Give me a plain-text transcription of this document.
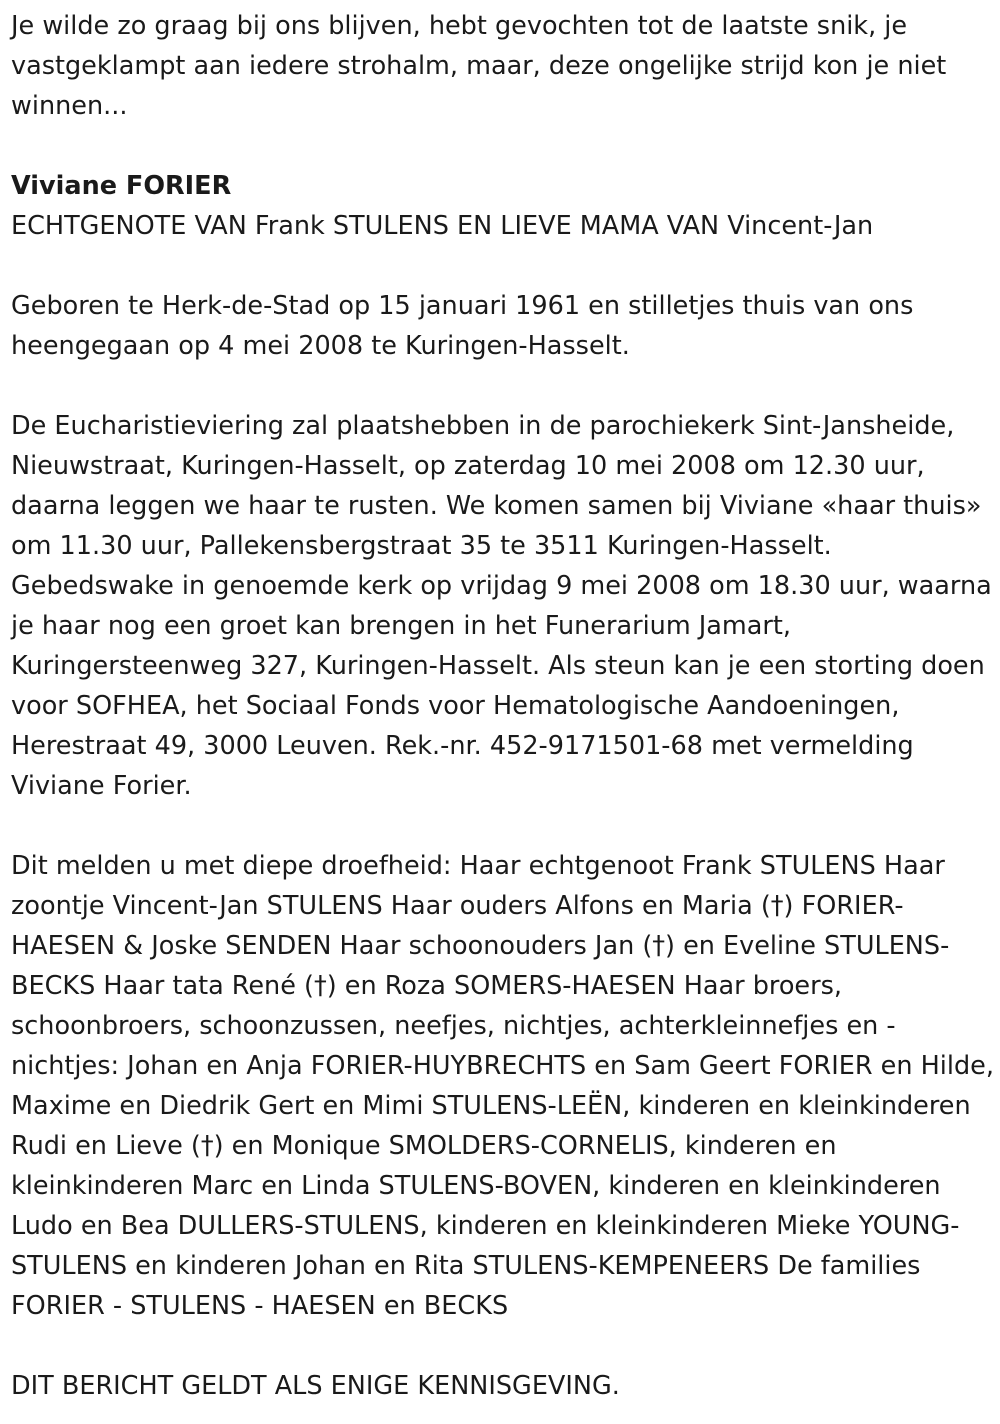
Je wilde zo graag bij ons blijven, hebt gevochten tot de laatste snik, je vastgeklampt aan iedere strohalm, maar, deze ongelijke strijd kon je niet winnen...

Viviane FORIER

ECHTGENOTE VAN Frank STULENS EN LIEVE MAMA VAN Vincent-Jan

Geboren te Herk-de-Stad op 15 januari 1961 en stilletjes thuis van ons heengegaan op 4 mei 2008 te Kuringen-Hasselt.

De Eucharistieviering zal plaatshebben in de parochiekerk Sint-Jansheide, Nieuwstraat, Kuringen-Hasselt, op zaterdag 10 mei 2008 om 12.30 uur, daarna leggen we haar te rusten. We komen samen bij Viviane «haar thuis» om 11.30 uur, Pallekensbergstraat 35 te 3511 Kuringen-Hasselt. Gebedswake in genoemde kerk op vrijdag 9 mei 2008 om 18.30 uur, waarna je haar nog een groet kan brengen in het Funerarium Jamart, Kuringersteenweg 327, Kuringen-Hasselt. Als steun kan je een storting doen voor SOFHEA, het Sociaal Fonds voor Hematologische Aandoeningen, Herestraat 49, 3000 Leuven. Rek.-nr. 452-9171501-68 met vermelding Viviane Forier.

Dit melden u met diepe droefheid: Haar echtgenoot Frank STULENS Haar zoontje Vincent-Jan STULENS Haar ouders Alfons en Maria (†) FORIER-HAESEN & Joske SENDEN Haar schoonouders Jan (†) en Eveline STULENS-BECKS Haar tata René (†) en Roza SOMERS-HAESEN Haar broers, schoonbroers, schoonzussen, neefjes, nichtjes, achterkleinnefjes en -nichtjes: Johan en Anja FORIER-HUYBRECHTS en Sam Geert FORIER en Hilde, Maxime en Diedrik Gert en Mimi STULENS-LEËN, kinderen en kleinkinderen Rudi en Lieve (†) en Monique SMOLDERS-CORNELIS, kinderen en kleinkinderen Marc en Linda STULENS-BOVEN, kinderen en kleinkinderen Ludo en Bea DULLERS-STULENS, kinderen en kleinkinderen Mieke YOUNG-STULENS en kinderen Johan en Rita STULENS-KEMPENEERS De families FORIER - STULENS - HAESEN en BECKS

DIT BERICHT GELDT ALS ENIGE KENNISGEVING.
